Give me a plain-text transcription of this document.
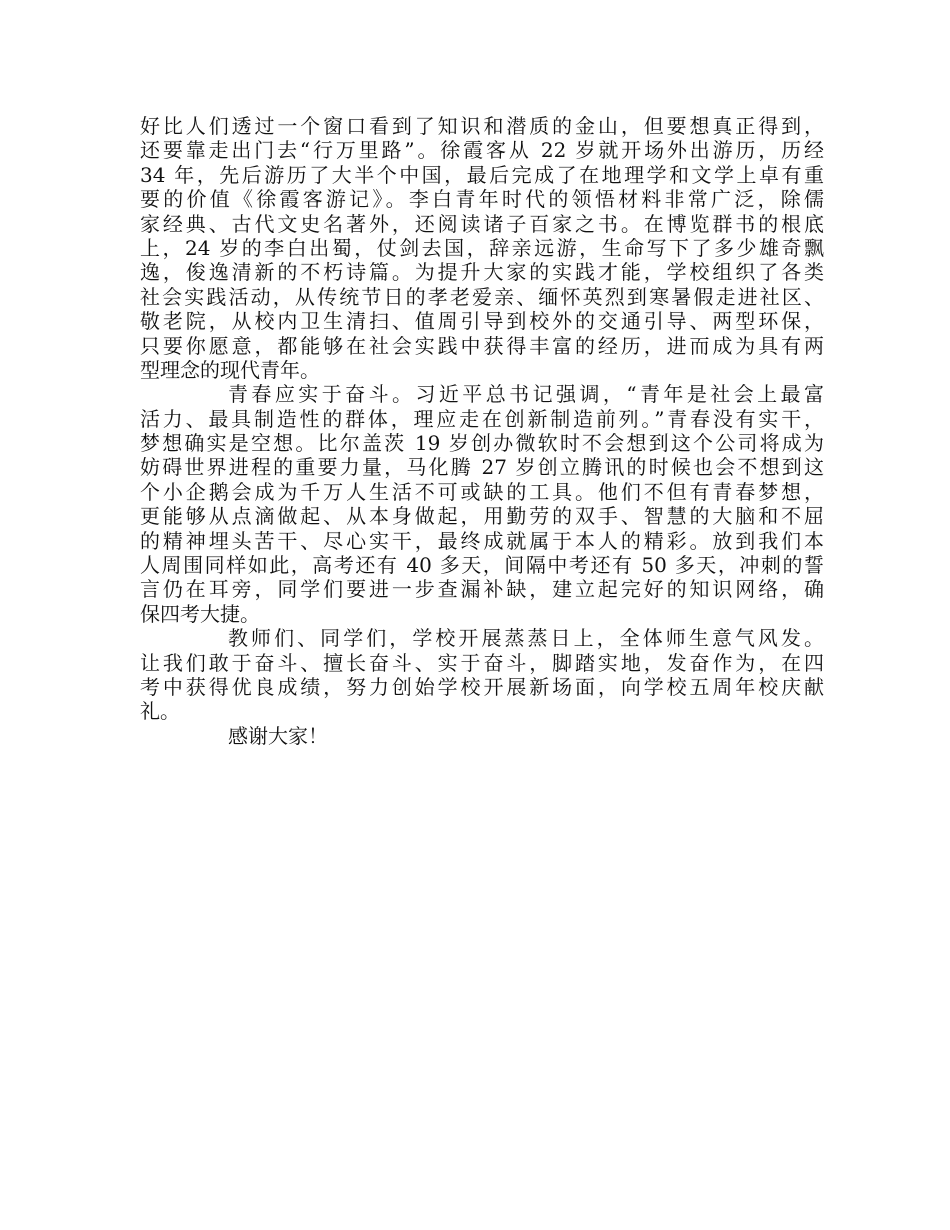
好比人们透过一个窗口看到了知识和潜质的金山，但要想真正得到，
还要靠走出门去“行万里路”。徐霞客从 22 岁就开场外出游历，历经
34 年，先后游历了大半个中国，最后完成了在地理学和文学上卓有重
要的价值《徐霞客游记》。李白青年时代的领悟材料非常广泛，除儒
家经典、古代文史名著外，还阅读诸子百家之书。在博览群书的根底
上，24 岁的李白出蜀，仗剑去国，辞亲远游，生命写下了多少雄奇飘
逸，俊逸清新的不朽诗篇。为提升大家的实践才能，学校组织了各类
社会实践活动，从传统节日的孝老爱亲、缅怀英烈到寒暑假走进社区、
敬老院，从校内卫生清扫、值周引导到校外的交通引导、两型环保，
只要你愿意，都能够在社会实践中获得丰富的经历，进而成为具有两
型理念的现代青年。
青春应实于奋斗。习近平总书记强调，“青年是社会上最富
活力、最具制造性的群体，理应走在创新制造前列。”青春没有实干，
梦想确实是空想。比尔盖茨 19 岁创办微软时不会想到这个公司将成为
妨碍世界进程的重要力量，马化腾 27 岁创立腾讯的时候也会不想到这
个小企鹅会成为千万人生活不可或缺的工具。他们不但有青春梦想，
更能够从点滴做起、从本身做起，用勤劳的双手、智慧的大脑和不屈
的精神埋头苦干、尽心实干，最终成就属于本人的精彩。放到我们本
人周围同样如此，高考还有 40 多天，间隔中考还有 50 多天，冲刺的誓
言仍在耳旁，同学们要进一步查漏补缺，建立起完好的知识网络，确
保四考大捷。
教师们、同学们，学校开展蒸蒸日上，全体师生意气风发。
让我们敢于奋斗、擅长奋斗、实于奋斗，脚踏实地，发奋作为，在四
考中获得优良成绩，努力创始学校开展新场面，向学校五周年校庆献
礼。
感谢大家！
